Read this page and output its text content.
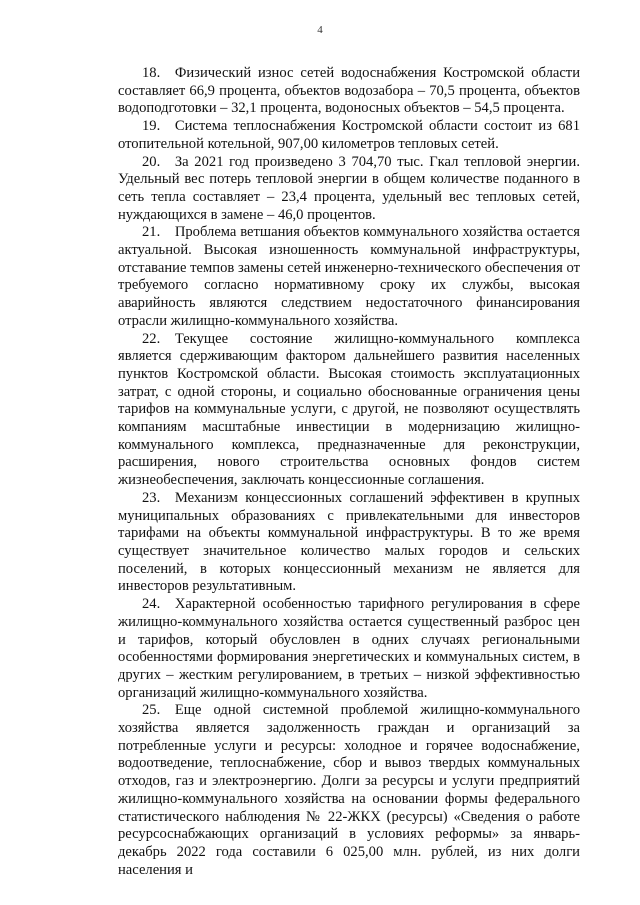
4

18.   Физический износ сетей водоснабжения Костромской области составляет 66,9 процента, объектов водозабора – 70,5 процента, объектов водоподготовки – 32,1 процента, водоносных объектов – 54,5 процента.

19.   Система теплоснабжения Костромской области состоит из 681 отопительной котельной, 907,00 километров тепловых сетей.

20.   За 2021 год произведено 3 704,70 тыс. Гкал тепловой энергии. Удельный вес потерь тепловой энергии в общем количестве поданного в сеть тепла составляет – 23,4 процента, удельный вес тепловых сетей, нуждающихся в замене – 46,0 процентов.

21.   Проблема ветшания объектов коммунального хозяйства остается актуальной. Высокая изношенность коммунальной инфраструктуры, отставание темпов замены сетей инженерно-технического обеспечения от требуемого согласно нормативному сроку их службы, высокая аварийность являются следствием недостаточного финансирования отрасли жилищно-коммунального хозяйства.

22.   Текущее состояние жилищно-коммунального комплекса является сдерживающим фактором дальнейшего развития населенных пунктов Костромской области. Высокая стоимость эксплуатационных затрат, с одной стороны, и социально обоснованные ограничения цены тарифов на коммунальные услуги, с другой, не позволяют осуществлять компаниям масштабные инвестиции в модернизацию жилищно-коммунального комплекса, предназначенные для реконструкции, расширения, нового строительства основных фондов систем жизнеобеспечения, заключать концессионные соглашения.

23.   Механизм концессионных соглашений эффективен в крупных муниципальных образованиях с привлекательными для инвесторов тарифами на объекты коммунальной инфраструктуры. В то же время существует значительное количество малых городов и сельских поселений, в которых концессионный механизм не является для инвесторов результативным.

24.   Характерной особенностью тарифного регулирования в сфере жилищно-коммунального хозяйства остается существенный разброс цен и тарифов, который обусловлен в одних случаях региональными особенностями формирования энергетических и коммунальных систем, в других – жестким регулированием, в третьих – низкой эффективностью организаций жилищно-коммунального хозяйства.

25.   Еще одной системной проблемой жилищно-коммунального хозяйства является задолженность граждан и организаций за потребленные услуги и ресурсы: холодное и горячее водоснабжение, водоотведение, теплоснабжение, сбор и вывоз твердых коммунальных отходов, газ и электроэнергию. Долги за ресурсы и услуги предприятий жилищно-коммунального хозяйства на основании формы федерального статистического наблюдения № 22-ЖКХ (ресурсы) «Сведения о работе ресурсоснабжающих организаций в условиях реформы» за январь-декабрь 2022 года составили 6 025,00 млн. рублей, из них долги населения и
